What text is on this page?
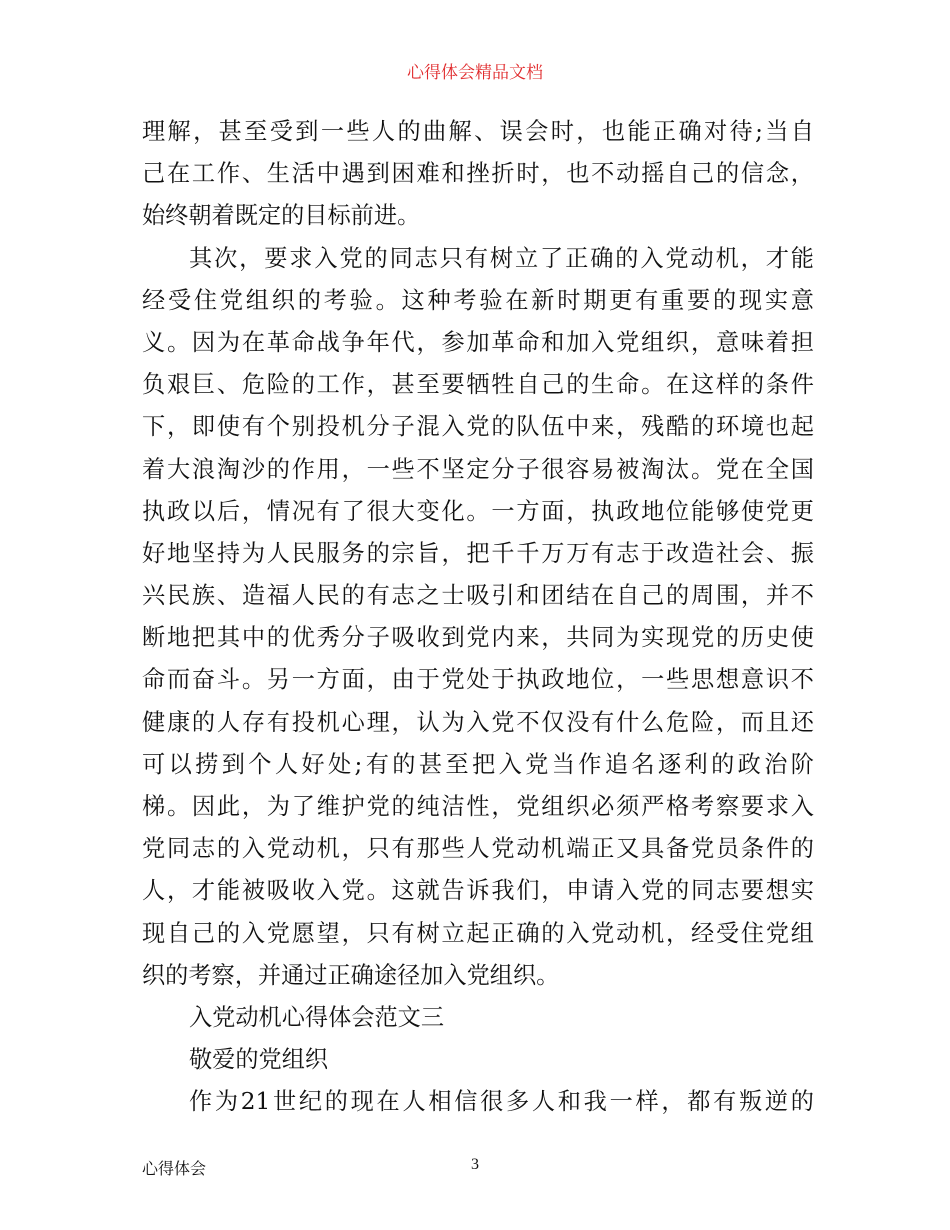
心得体会精品文档
理解，甚至受到一些人的曲解、误会时，也能正确对待;当自
己在工作、生活中遇到困难和挫折时，也不动摇自己的信念，
始终朝着既定的目标前进。
其次，要求入党的同志只有树立了正确的入党动机，才能
经受住党组织的考验。这种考验在新时期更有重要的现实意
义。因为在革命战争年代，参加革命和加入党组织，意味着担
负艰巨、危险的工作，甚至要牺牲自己的生命。在这样的条件
下，即使有个别投机分子混入党的队伍中来，残酷的环境也起
着大浪淘沙的作用，一些不坚定分子很容易被淘汰。党在全国
执政以后，情况有了很大变化。一方面，执政地位能够使党更
好地坚持为人民服务的宗旨，把千千万万有志于改造社会、振
兴民族、造福人民的有志之士吸引和团结在自己的周围，并不
断地把其中的优秀分子吸收到党内来，共同为实现党的历史使
命而奋斗。另一方面，由于党处于执政地位，一些思想意识不
健康的人存有投机心理，认为入党不仅没有什么危险，而且还
可以捞到个人好处;有的甚至把入党当作追名逐利的政治阶
梯。因此，为了维护党的纯洁性，党组织必须严格考察要求入
党同志的入党动机，只有那些人党动机端正又具备党员条件的
人，才能被吸收入党。这就告诉我们，申请入党的同志要想实
现自己的入党愿望，只有树立起正确的入党动机，经受住党组
织的考察，并通过正确途径加入党组织。
入党动机心得体会范文三
敬爱的党组织
作为21世纪的现在人相信很多人和我一样，都有叛逆的
心得体会	3
